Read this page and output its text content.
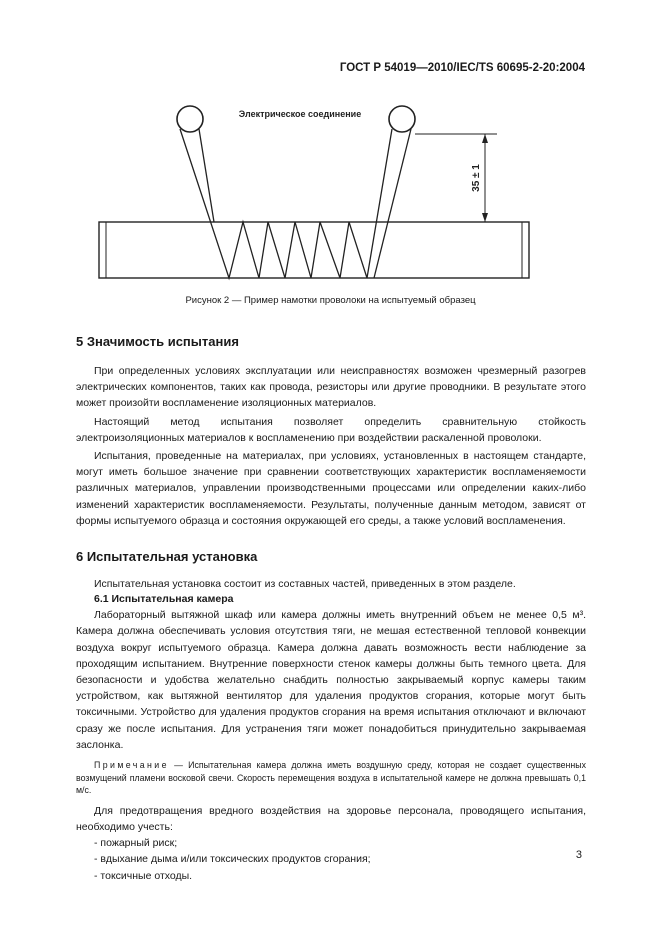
ГОСТ Р 54019—2010/IEC/TS 60695-2-20:2004
Электрическое соединение
35 ± 1
Рисунок 2 — Пример намотки проволоки на испытуемый образец
5 Значимость испытания

При определенных условиях эксплуатации или неисправностях возможен чрезмерный разогрев электрических компонентов, таких как провода, резисторы или другие проводники. В результате этого может произойти воспламенение изоляционных материалов.

Настоящий метод испытания позволяет определить сравнительную стойкость электроизоляционных материалов к воспламенению при воздействии раскаленной проволоки.

Испытания, проведенные на материалах, при условиях, установленных в настоящем стандарте, могут иметь большое значение при сравнении соответствующих характеристик воспламеняемости различных материалов, управлении производственными процессами или определении каких-либо изменений характеристик воспламеняемости. Результаты, полученные данным методом, зависят от формы испытуемого образца и состояния окружающей его среды, а также условий воспламенения.

6 Испытательная установка

Испытательная установка состоит из составных частей, приведенных в этом разделе.

6.1 Испытательная камера

Лабораторный вытяжной шкаф или камера должны иметь внутренний объем не менее 0,5 м³. Камера должна обеспечивать условия отсутствия тяги, не мешая естественной тепловой конвекции воздуха вокруг испытуемого образца. Камера должна давать возможность вести наблюдение за проходящим испытанием. Внутренние поверхности стенок камеры должны быть темного цвета. Для безопасности и удобства желательно снабдить полностью закрываемый корпус камеры таким устройством, как вытяжной вентилятор для удаления продуктов сгорания, которые могут быть токсичными. Устройство для удаления продуктов сгорания на время испытания отключают и включают сразу же после испытания. Для устранения тяги может понадобиться принудительно закрываемая заслонка.

Примечание — Испытательная камера должна иметь воздушную среду, которая не создает существенных возмущений пламени восковой свечи. Скорость перемещения воздуха в испытательной камере не должна превышать 0,1 м/с.

Для предотвращения вредного воздействия на здоровье персонала, проводящего испытания, необходимо учесть:

- пожарный риск;
- вдыхание дыма и/или токсических продуктов сгорания;
- токсичные отходы.
3
